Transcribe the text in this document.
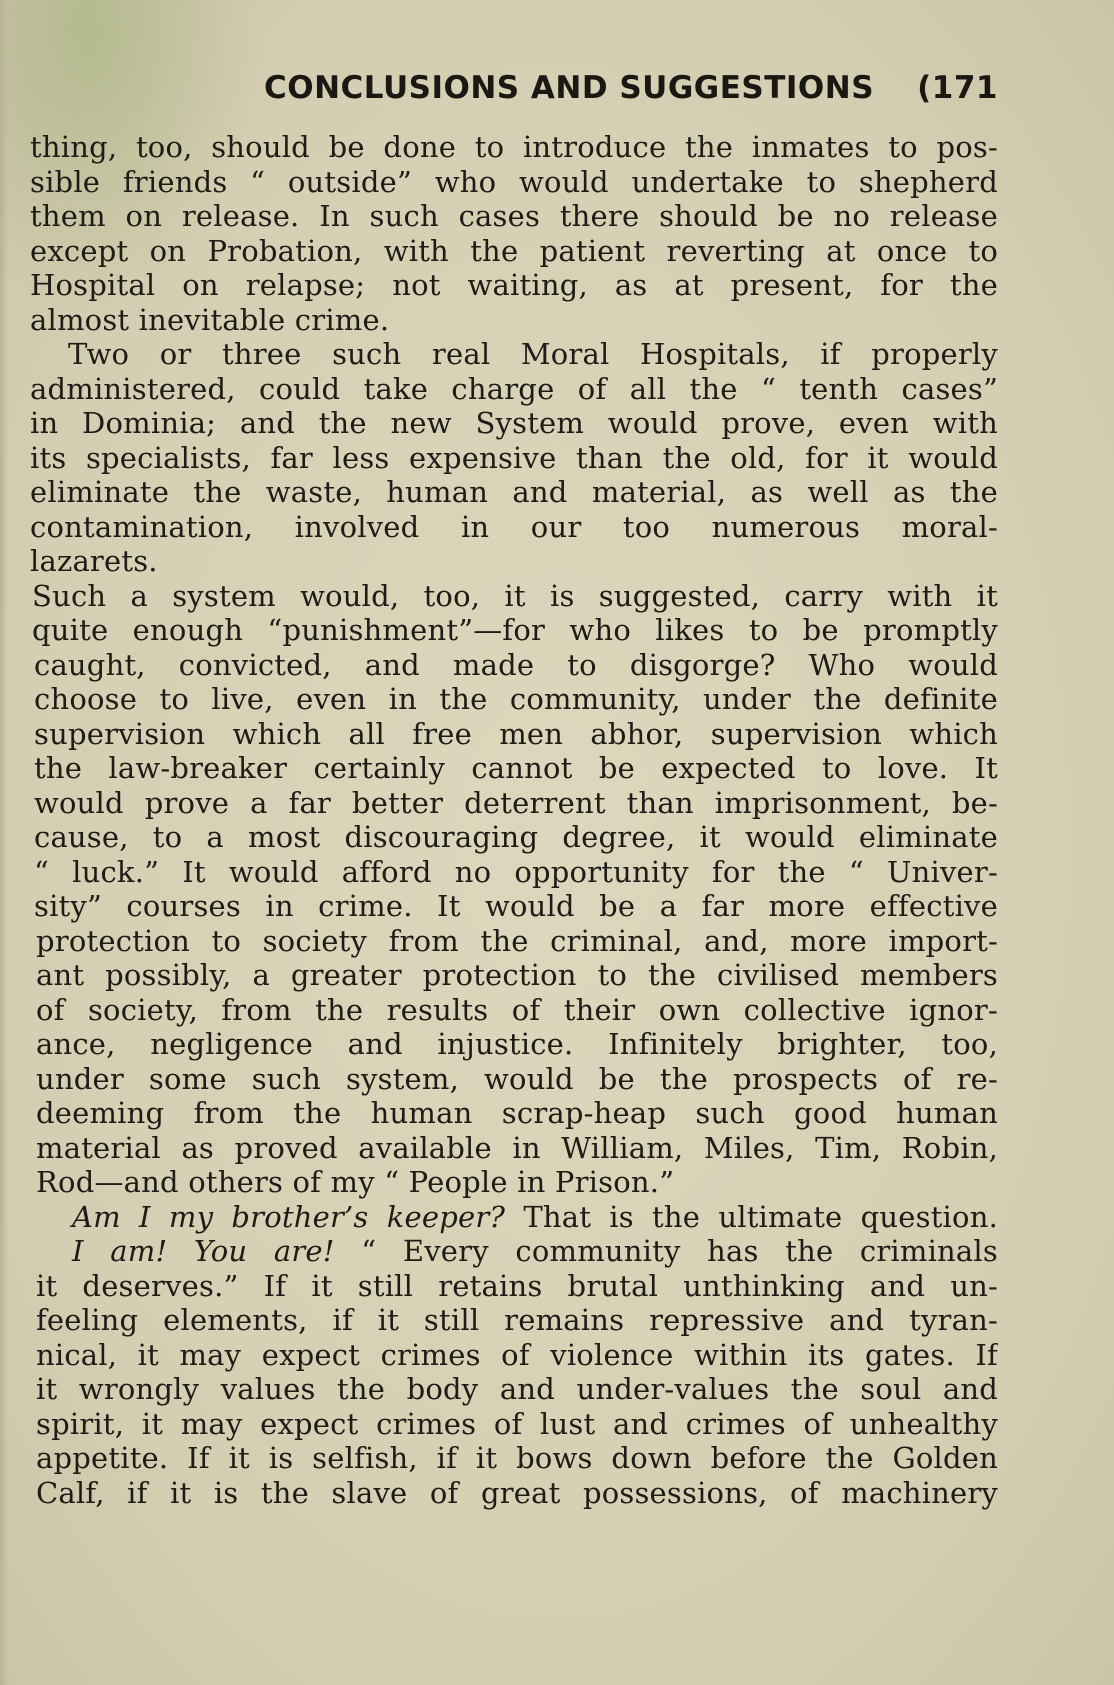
CONCLUSIONS AND SUGGESTIONS (171
thing, too, should be done to introduce the inmates to pos-
sible friends “ outside” who would undertake to shepherd
them on release. In such cases there should be no release
except on Probation, with the patient reverting at once to
Hospital on relapse; not waiting, as at present, for the
almost inevitable crime.
Two or three such real Moral Hospitals, if properly
administered, could take charge of all the “ tenth cases”
in Dominia; and the new System would prove, even with
its specialists, far less expensive than the old, for it would
eliminate the waste, human and material, as well as the
contamination, involved in our too numerous moral-
lazarets.
Such a system would, too, it is suggested, carry with it
quite enough “punishment”—for who likes to be promptly
caught, convicted, and made to disgorge? Who would
choose to live, even in the community, under the definite
supervision which all free men abhor, supervision which
the law-breaker certainly cannot be expected to love. It
would prove a far better deterrent than imprisonment, be-
cause, to a most discouraging degree, it would eliminate
“ luck.” It would afford no opportunity for the “ Univer-
sity” courses in crime. It would be a far more effective
protection to society from the criminal, and, more import-
ant possibly, a greater protection to the civilised members
of society, from the results of their own collective ignor-
ance, negligence and injustice. Infinitely brighter, too,
under some such system, would be the prospects of re-
deeming from the human scrap-heap such good human
material as proved available in William, Miles, Tim, Robin,
Rod—and others of my “ People in Prison.”
Am I my brother’s keeper? That is the ultimate question.
I am! You are! “ Every community has the criminals
it deserves.” If it still retains brutal unthinking and un-
feeling elements, if it still remains repressive and tyran-
nical, it may expect crimes of violence within its gates. If
it wrongly values the body and under-values the soul and
spirit, it may expect crimes of lust and crimes of unhealthy
appetite. If it is selfish, if it bows down before the Golden
Calf, if it is the slave of great possessions, of machinery
